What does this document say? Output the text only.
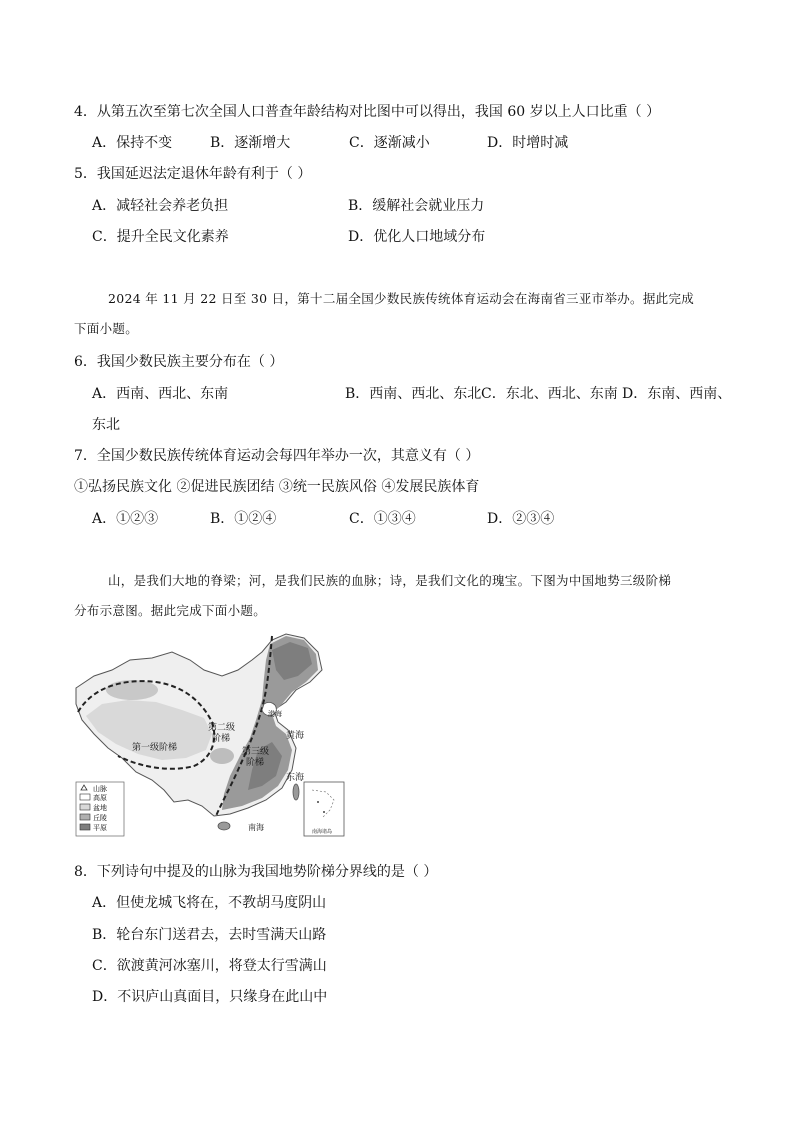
4．从第五次至第七次全国人口普查年龄结构对比图中可以得出，我国 60 岁以上人口比重（ ）
A．保持不变	B．逐渐增大	C．逐渐减小	D．时增时减
5．我国延迟法定退休年龄有利于（ ）
A．减轻社会养老负担	B．缓解社会就业压力
C．提升全民文化素养	D．优化人口地域分布
2024 年 11 月 22 日至 30 日，第十二届全国少数民族传统体育运动会在海南省三亚市举办。据此完成
下面小题。
6．我国少数民族主要分布在（ ）
A．西南、西北、东南	B．西南、西北、东北 C．东北、西北、东南 D．东南、西南、
东北
7．全国少数民族传统体育运动会每四年举办一次，其意义有（ ）
①弘扬民族文化 ②促进民族团结 ③统一民族风俗 ④发展民族体育
A．①②③	B．①②④	C．①③④	D．②③④
山，是我们大地的脊梁；河，是我们民族的血脉；诗，是我们文化的瑰宝。下图为中国地势三级阶梯
分布示意图。据此完成下面小题。
第一级阶梯
第二级
阶梯
第三级
阶梯
渤海
黄海
东海
南海
山脉
高原
盆地
丘陵
平原	南海诸岛
8．下列诗句中提及的山脉为我国地势阶梯分界线的是（ ）
A．但使龙城飞将在，不教胡马度阴山
B．轮台东门送君去，去时雪满天山路
C．欲渡黄河冰塞川，将登太行雪满山
D．不识庐山真面目，只缘身在此山中
